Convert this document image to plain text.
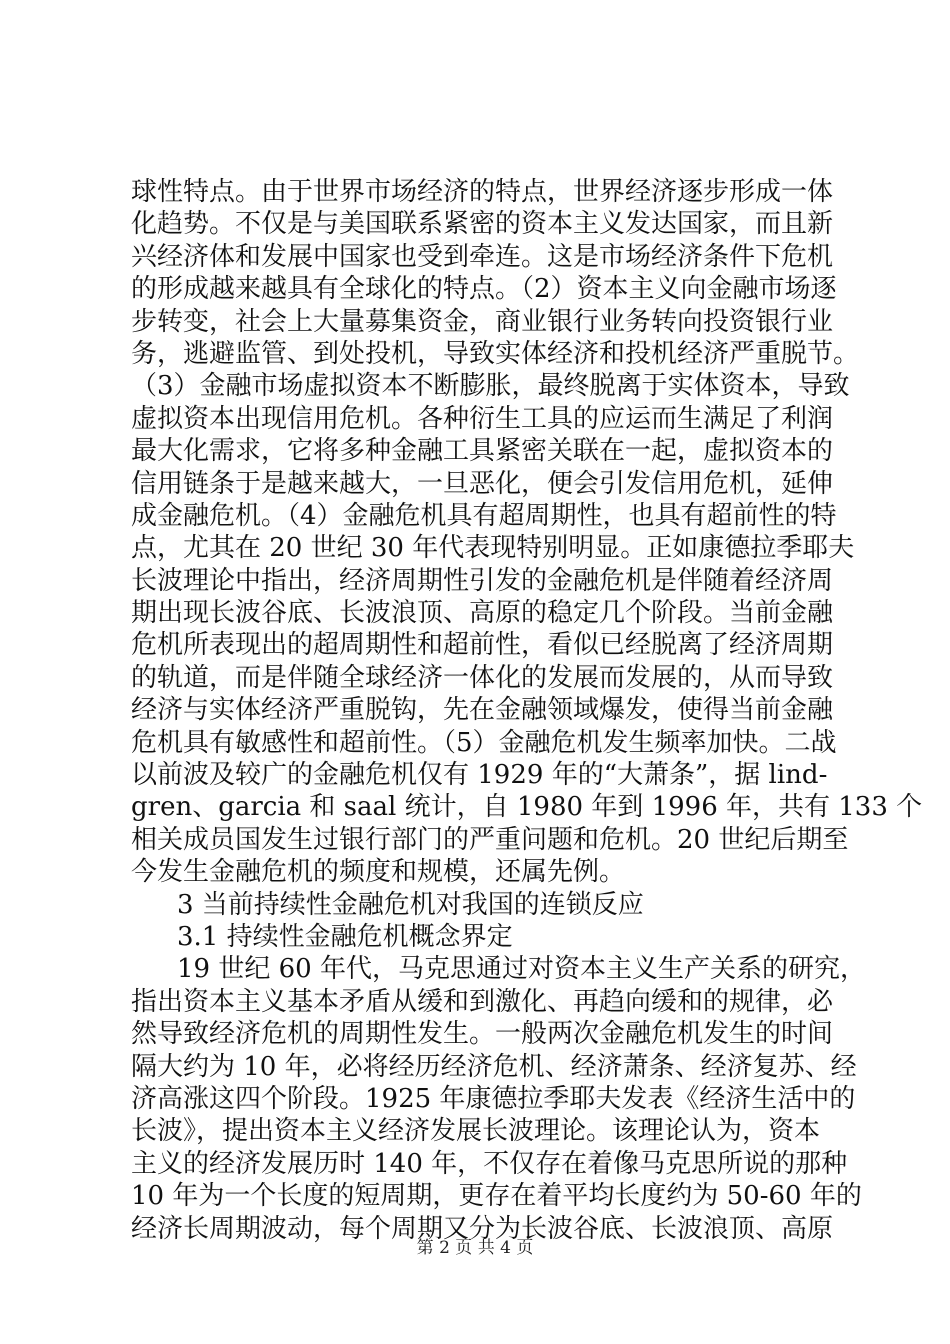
球性特点。由于世界市场经济的特点，世界经济逐步形成一体
化趋势。不仅是与美国联系紧密的资本主义发达国家，而且新
兴经济体和发展中国家也受到牵连。这是市场经济条件下危机
的形成越来越具有全球化的特点。（2）资本主义向金融市场逐
步转变，社会上大量募集资金，商业银行业务转向投资银行业
务，逃避监管、到处投机，导致实体经济和投机经济严重脱节。
（3）金融市场虚拟资本不断膨胀，最终脱离于实体资本，导致
虚拟资本出现信用危机。各种衍生工具的应运而生满足了利润
最大化需求，它将多种金融工具紧密关联在一起，虚拟资本的
信用链条于是越来越大，一旦恶化，便会引发信用危机，延伸
成金融危机。（4）金融危机具有超周期性，也具有超前性的特
点，尤其在 20 世纪 30 年代表现特别明显。正如康德拉季耶夫
长波理论中指出，经济周期性引发的金融危机是伴随着经济周
期出现长波谷底、长波浪顶、高原的稳定几个阶段。当前金融
危机所表现出的超周期性和超前性，看似已经脱离了经济周期
的轨道，而是伴随全球经济一体化的发展而发展的，从而导致
经济与实体经济严重脱钩，先在金融领域爆发，使得当前金融
危机具有敏感性和超前性。（5）金融危机发生频率加快。二战
以前波及较广的金融危机仅有 1929 年的“大萧条”，据 lind-
gren、garcia 和 saal 统计，自 1980 年到 1996 年，共有 133 个
相关成员国发生过银行部门的严重问题和危机。20 世纪后期至
今发生金融危机的频度和规模，还属先例。
3 当前持续性金融危机对我国的连锁反应
3.1 持续性金融危机概念界定
19 世纪 60 年代，马克思通过对资本主义生产关系的研究，
指出资本主义基本矛盾从缓和到激化、再趋向缓和的规律，必
然导致经济危机的周期性发生。一般两次金融危机发生的时间
隔大约为 10 年，必将经历经济危机、经济萧条、经济复苏、经
济高涨这四个阶段。1925 年康德拉季耶夫发表《经济生活中的
长波》，提出资本主义经济发展长波理论。该理论认为，资本
主义的经济发展历时 140 年，不仅存在着像马克思所说的那种
10 年为一个长度的短周期，更存在着平均长度约为 50-60 年的
经济长周期波动，每个周期又分为长波谷底、长波浪顶、高原
第 2 页 共 4 页
